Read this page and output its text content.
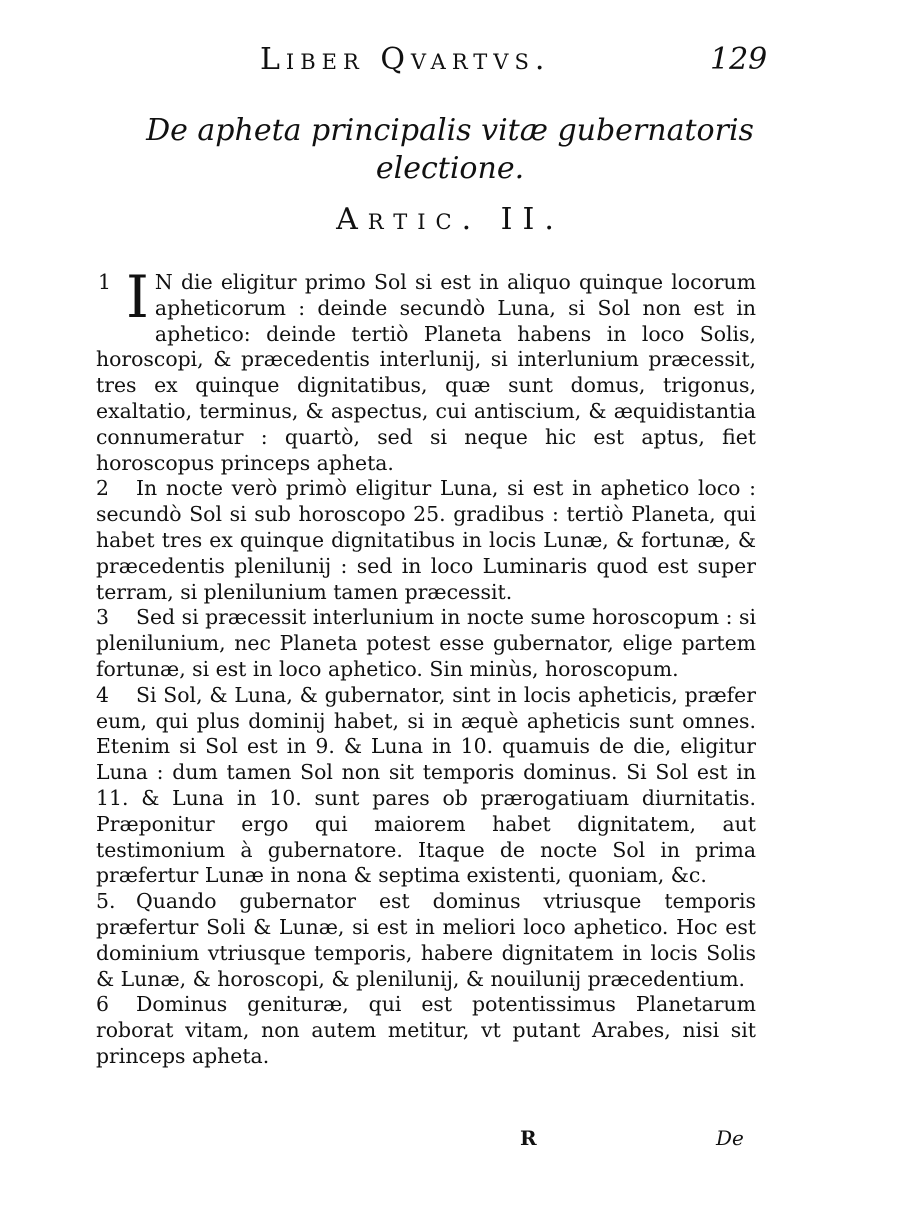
Liber Qvartvs.	129
De apheta principalis vitæ gubernatoris electione.
Artic. II.

1 I N die eligitur primo Sol si est in aliquo quinque locorum apheticorum : deinde secundò Luna, si Sol non est in aphetico: deinde tertiò Planeta habens in loco Solis, horoscopi, & præcedentis interlunij, si interlunium præcessit, tres ex quinque dignitatibus, quæ sunt domus, trigonus, exaltatio, terminus, & aspectus, cui antiscium, & æquidistantia connumeratur : quartò, sed si neque hic est aptus, fiet horoscopus princeps apheta.

2 In nocte verò primò eligitur Luna, si est in aphetico loco : secundò Sol si sub horoscopo 25. gradibus : tertiò Planeta, qui habet tres ex quinque dignitatibus in locis Lunæ, & fortunæ, & præcedentis plenilunij : sed in loco Luminaris quod est super terram, si plenilunium tamen præcessit.

3 Sed si præcessit interlunium in nocte sume horoscopum : si plenilunium, nec Planeta potest esse gubernator, elige partem fortunæ, si est in loco aphetico. Sin minùs, horoscopum.

4 Si Sol, & Luna, & gubernator, sint in locis apheticis, præfer eum, qui plus dominij habet, si in æquè apheticis sunt omnes. Etenim si Sol est in 9. & Luna in 10. quamuis de die, eligitur Luna : dum tamen Sol non sit temporis dominus. Si Sol est in 11. & Luna in 10. sunt pares ob prærogatiuam diurnitatis. Præponitur ergo qui maiorem habet dignitatem, aut testimonium à gubernatore. Itaque de nocte Sol in prima præfertur Lunæ in nona & septima existenti, quoniam, &c.

5. Quando gubernator est dominus vtriusque temporis præfertur Soli & Lunæ, si est in meliori loco aphetico. Hoc est dominium vtriusque temporis, habere dignitatem in locis Solis & Lunæ, & horoscopi, & plenilunij, & nouilunij præcedentium.

6 Dominus genituræ, qui est potentissimus Planetarum roborat vitam, non autem metitur, vt putant Arabes, nisi sit princeps apheta.

R	De
